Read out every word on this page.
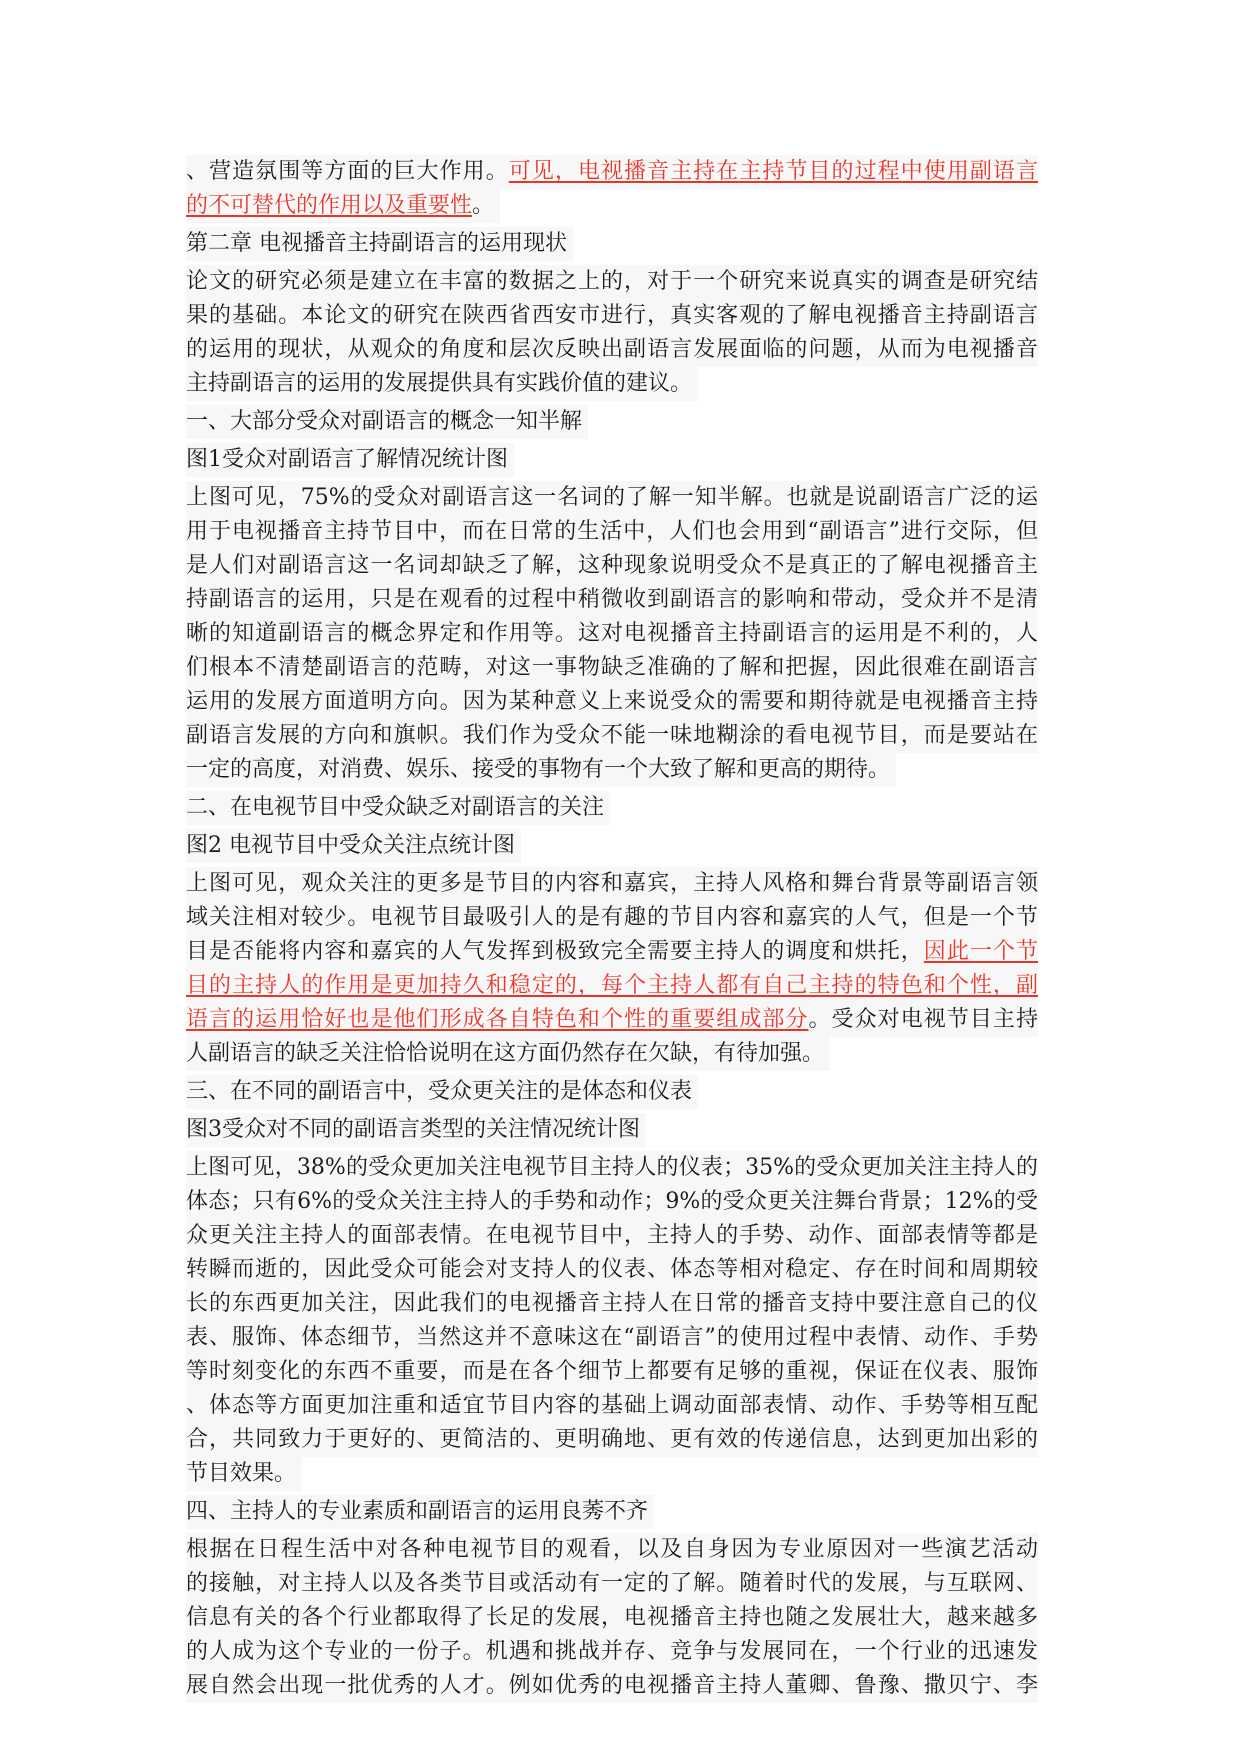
、营造氛围等方面的巨大作用。可见，电视播音主持在主持节目的过程中使用副语言
的不可替代的作用以及重要性。
第二章 电视播音主持副语言的运用现状
论文的研究必须是建立在丰富的数据之上的，对于一个研究来说真实的调查是研究结
果的基础。本论文的研究在陕西省西安市进行，真实客观的了解电视播音主持副语言
的运用的现状，从观众的角度和层次反映出副语言发展面临的问题，从而为电视播音
主持副语言的运用的发展提供具有实践价值的建议。
一、大部分受众对副语言的概念一知半解
图1受众对副语言了解情况统计图
上图可见，75%的受众对副语言这一名词的了解一知半解。也就是说副语言广泛的运
用于电视播音主持节目中，而在日常的生活中，人们也会用到“副语言”进行交际，但
是人们对副语言这一名词却缺乏了解，这种现象说明受众不是真正的了解电视播音主
持副语言的运用，只是在观看的过程中稍微收到副语言的影响和带动，受众并不是清
晰的知道副语言的概念界定和作用等。这对电视播音主持副语言的运用是不利的，人
们根本不清楚副语言的范畴，对这一事物缺乏准确的了解和把握，因此很难在副语言
运用的发展方面道明方向。因为某种意义上来说受众的需要和期待就是电视播音主持
副语言发展的方向和旗帜。我们作为受众不能一味地糊涂的看电视节目，而是要站在
一定的高度，对消费、娱乐、接受的事物有一个大致了解和更高的期待。
二、在电视节目中受众缺乏对副语言的关注
图2 电视节目中受众关注点统计图
上图可见，观众关注的更多是节目的内容和嘉宾，主持人风格和舞台背景等副语言领
域关注相对较少。电视节目最吸引人的是有趣的节目内容和嘉宾的人气，但是一个节
目是否能将内容和嘉宾的人气发挥到极致完全需要主持人的调度和烘托，因此一个节
目的主持人的作用是更加持久和稳定的，每个主持人都有自己主持的特色和个性，副
语言的运用恰好也是他们形成各自特色和个性的重要组成部分。受众对电视节目主持
人副语言的缺乏关注恰恰说明在这方面仍然存在欠缺，有待加强。
三、在不同的副语言中，受众更关注的是体态和仪表
图3受众对不同的副语言类型的关注情况统计图
上图可见，38%的受众更加关注电视节目主持人的仪表；35%的受众更加关注主持人的
体态；只有6%的受众关注主持人的手势和动作；9%的受众更关注舞台背景；12%的受
众更关注主持人的面部表情。在电视节目中，主持人的手势、动作、面部表情等都是
转瞬而逝的，因此受众可能会对支持人的仪表、体态等相对稳定、存在时间和周期较
长的东西更加关注，因此我们的电视播音主持人在日常的播音支持中要注意自己的仪
表、服饰、体态细节，当然这并不意味这在“副语言”的使用过程中表情、动作、手势
等时刻变化的东西不重要，而是在各个细节上都要有足够的重视，保证在仪表、服饰
、体态等方面更加注重和适宜节目内容的基础上调动面部表情、动作、手势等相互配
合，共同致力于更好的、更简洁的、更明确地、更有效的传递信息，达到更加出彩的
节目效果。
四、主持人的专业素质和副语言的运用良莠不齐
根据在日程生活中对各种电视节目的观看，以及自身因为专业原因对一些演艺活动
的接触，对主持人以及各类节目或活动有一定的了解。随着时代的发展，与互联网、
信息有关的各个行业都取得了长足的发展，电视播音主持也随之发展壮大，越来越多
的人成为这个专业的一份子。机遇和挑战并存、竞争与发展同在，一个行业的迅速发
展自然会出现一批优秀的人才。例如优秀的电视播音主持人董卿、鲁豫、撒贝宁、李
